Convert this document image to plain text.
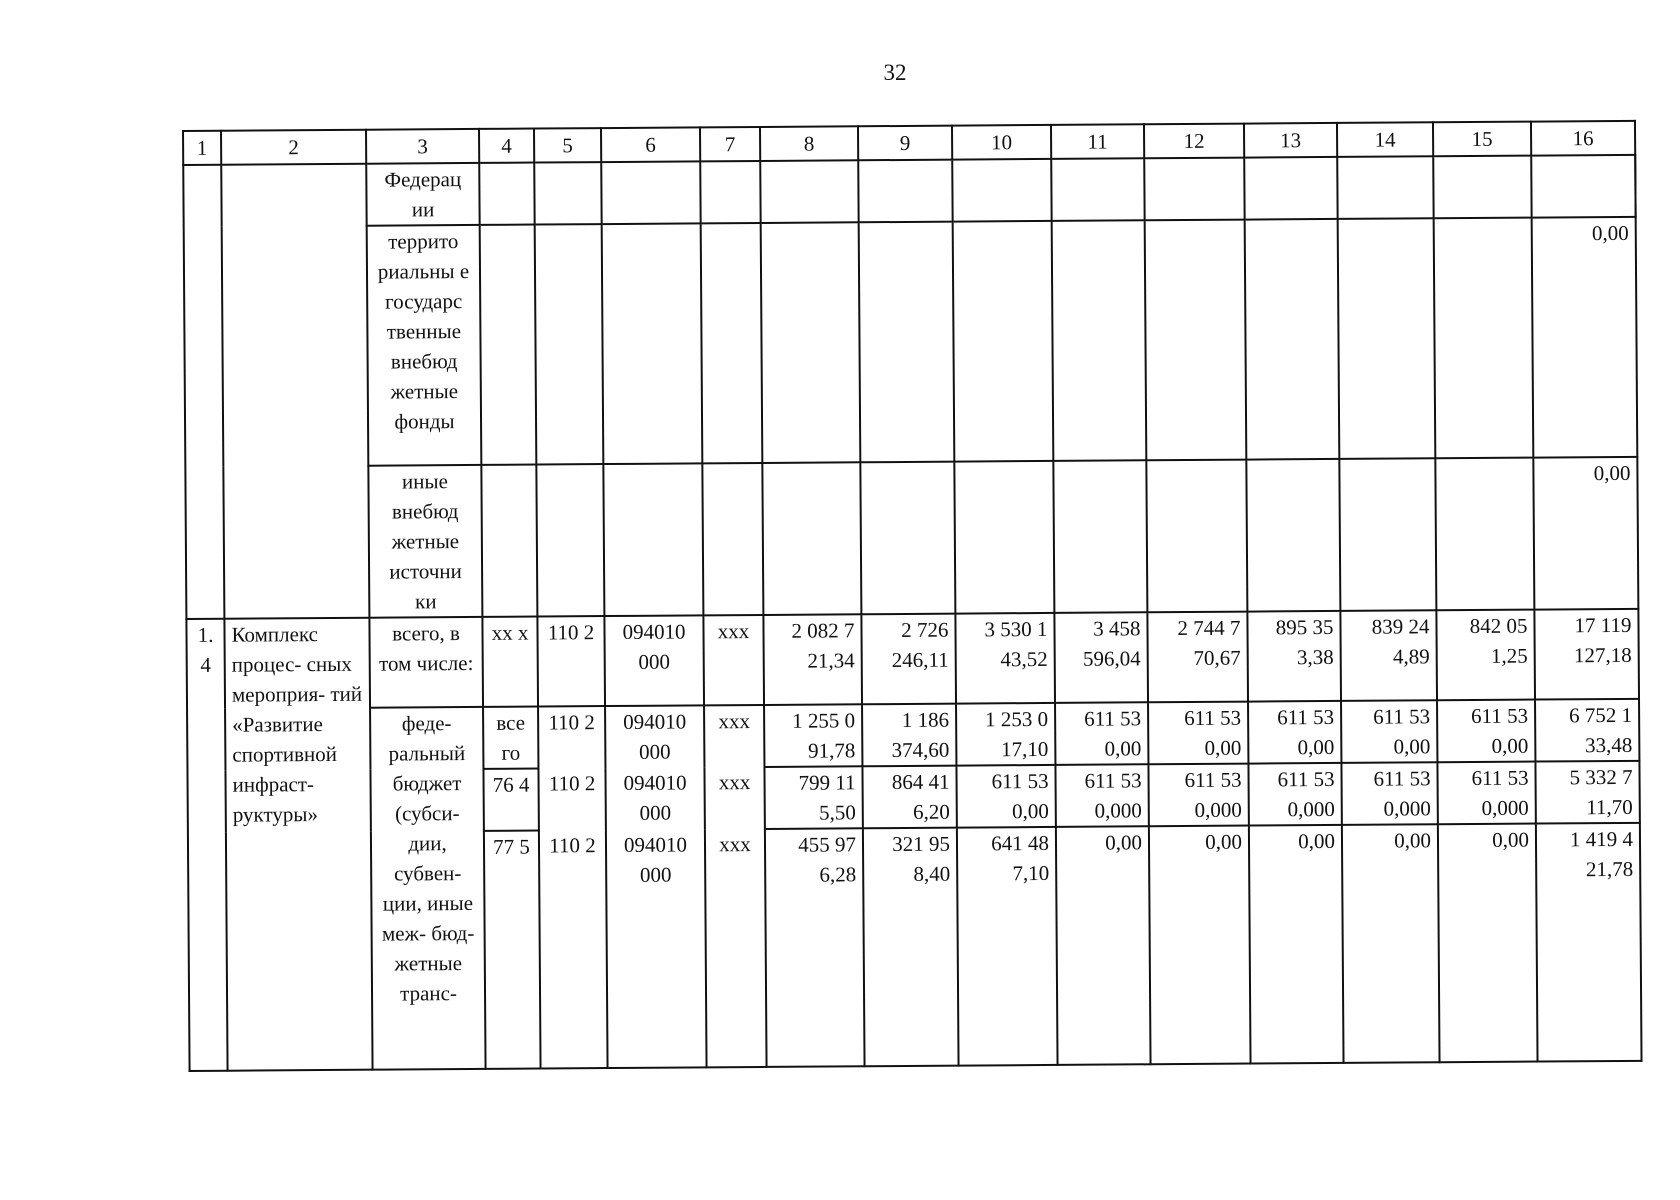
32
1	2	3	4	5	6	7	8	9	10	11	12	13	14	15	16	
		Федерац ии														
		террито риальны е государс твенные внебюд жетные фонды													0,00	
		иные внебюд жетные источни ки													0,00	
1. 4	Комплекс процес- сных мероприя- тий «Развитие спортивной инфраст- руктуры»	всего, в том числе:	хх х	110 2	094010 000	ххх	2 082 7 21,34	2 726 246,11	3 530 1 43,52	3 458 596,04	2 744 7 70,67	895 35 3,38	839 24 4,89	842 05 1,25	17 119 127,18	
		феде- ральный бюджет (субси- дии, субвен- ции, иные меж- бюд- жетные транс-	все го	110 2	094010 000	ххх	1 255 0 91,78	1 186 374,60	1 253 0 17,10	611 53 0,00	611 53 0,00	611 53 0,00	611 53 0,00	611 53 0,00	6 752 1 33,48	
			76 4	110 2	094010 000	ххх	799 11 5,50	864 41 6,20	611 53 0,00	611 53 0,000	611 53 0,000	611 53 0,000	611 53 0,000	611 53 0,000	5 332 7 11,70	
			77 5	110 2	094010 000	ххх	455 97 6,28	321 95 8,40	641 48 7,10	0,00	0,00	0,00	0,00	0,00	1 419 4 21,78	
